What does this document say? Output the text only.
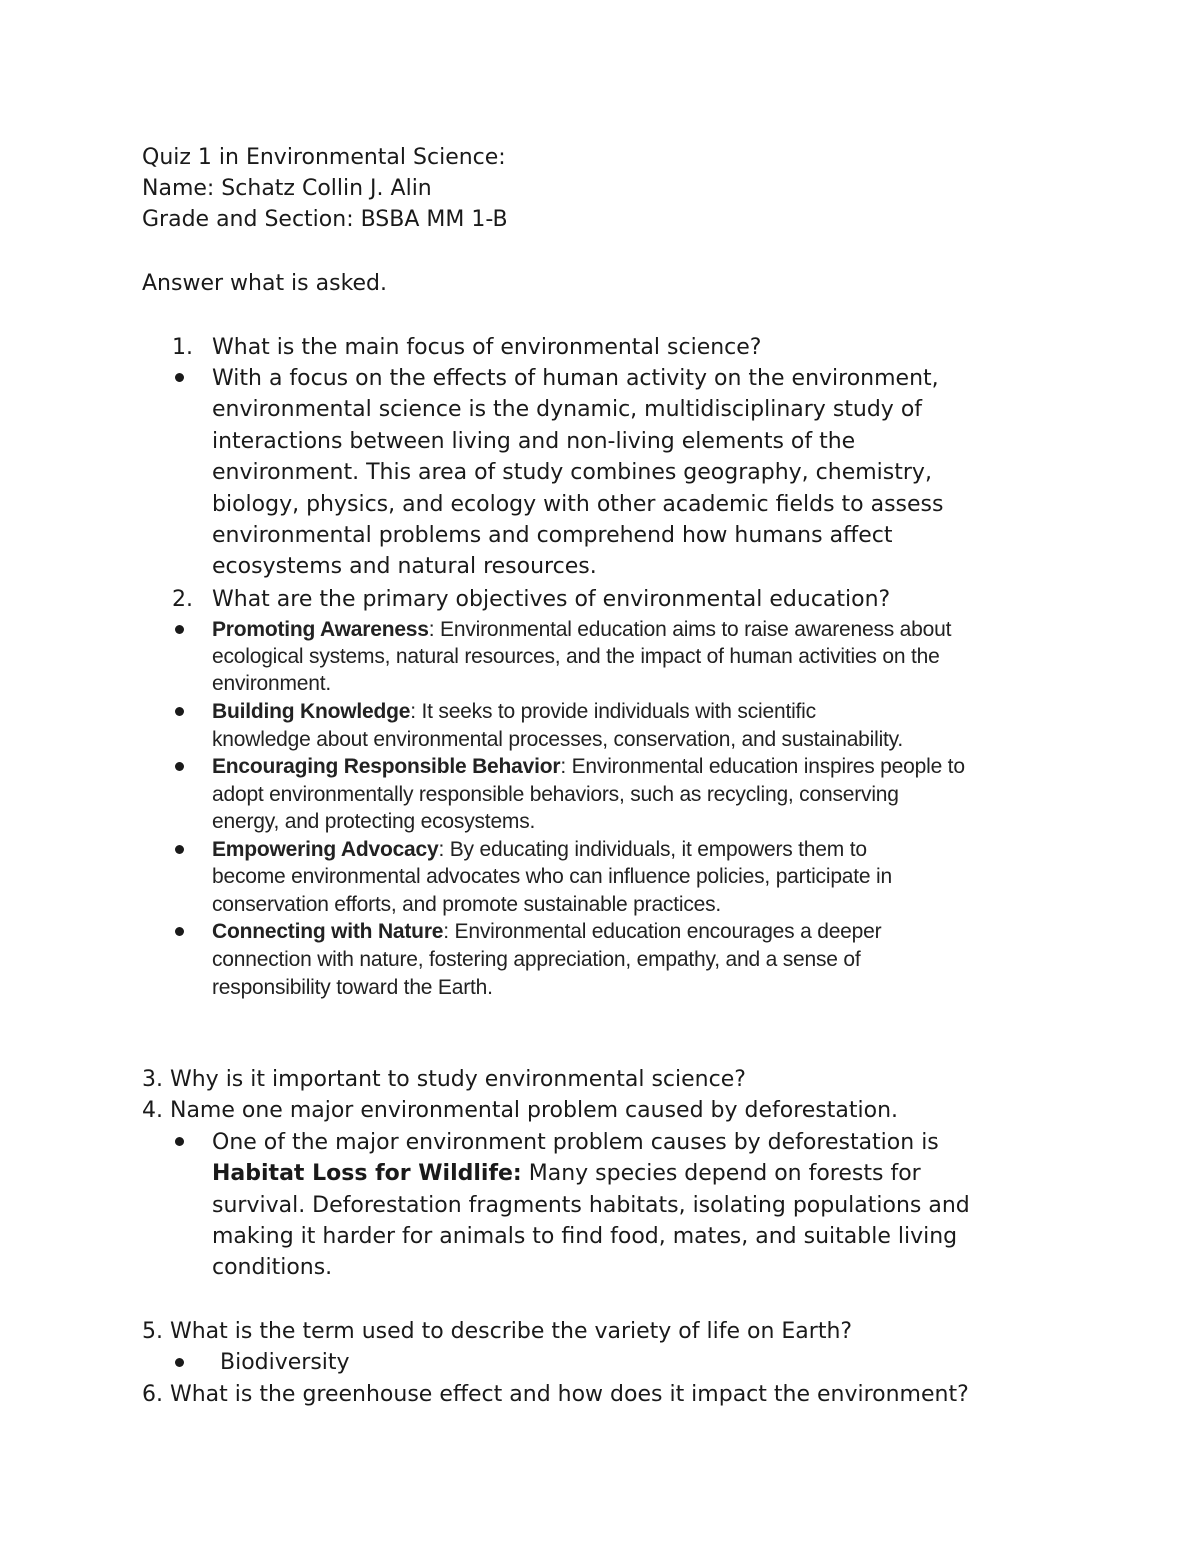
Quiz 1 in Environmental Science:
Name: Schatz Collin J. Alin
Grade and Section: BSBA MM 1-B
Answer what is asked.
1. What is the main focus of environmental science?
With a focus on the effects of human activity on the environment,
environmental science is the dynamic, multidisciplinary study of
interactions between living and non-living elements of the
environment. This area of study combines geography, chemistry,
biology, physics, and ecology with other academic fields to assess
environmental problems and comprehend how humans affect
ecosystems and natural resources.
2. What are the primary objectives of environmental education?
Promoting Awareness: Environmental education aims to raise awareness about
ecological systems, natural resources, and the impact of human activities on the
environment.
Building Knowledge: It seeks to provide individuals with scientific
knowledge about environmental processes, conservation, and sustainability.
Encouraging Responsible Behavior: Environmental education inspires people to
adopt environmentally responsible behaviors, such as recycling, conserving
energy, and protecting ecosystems.
Empowering Advocacy: By educating individuals, it empowers them to
become environmental advocates who can influence policies, participate in
conservation efforts, and promote sustainable practices.
Connecting with Nature: Environmental education encourages a deeper
connection with nature, fostering appreciation, empathy, and a sense of
responsibility toward the Earth.
3. Why is it important to study environmental science?
4. Name one major environmental problem caused by deforestation.
One of the major environment problem causes by deforestation is
Habitat Loss for Wildlife: Many species depend on forests for
survival. Deforestation fragments habitats, isolating populations and
making it harder for animals to find food, mates, and suitable living
conditions.
5. What is the term used to describe the variety of life on Earth?
Biodiversity
6. What is the greenhouse effect and how does it impact the environment?
